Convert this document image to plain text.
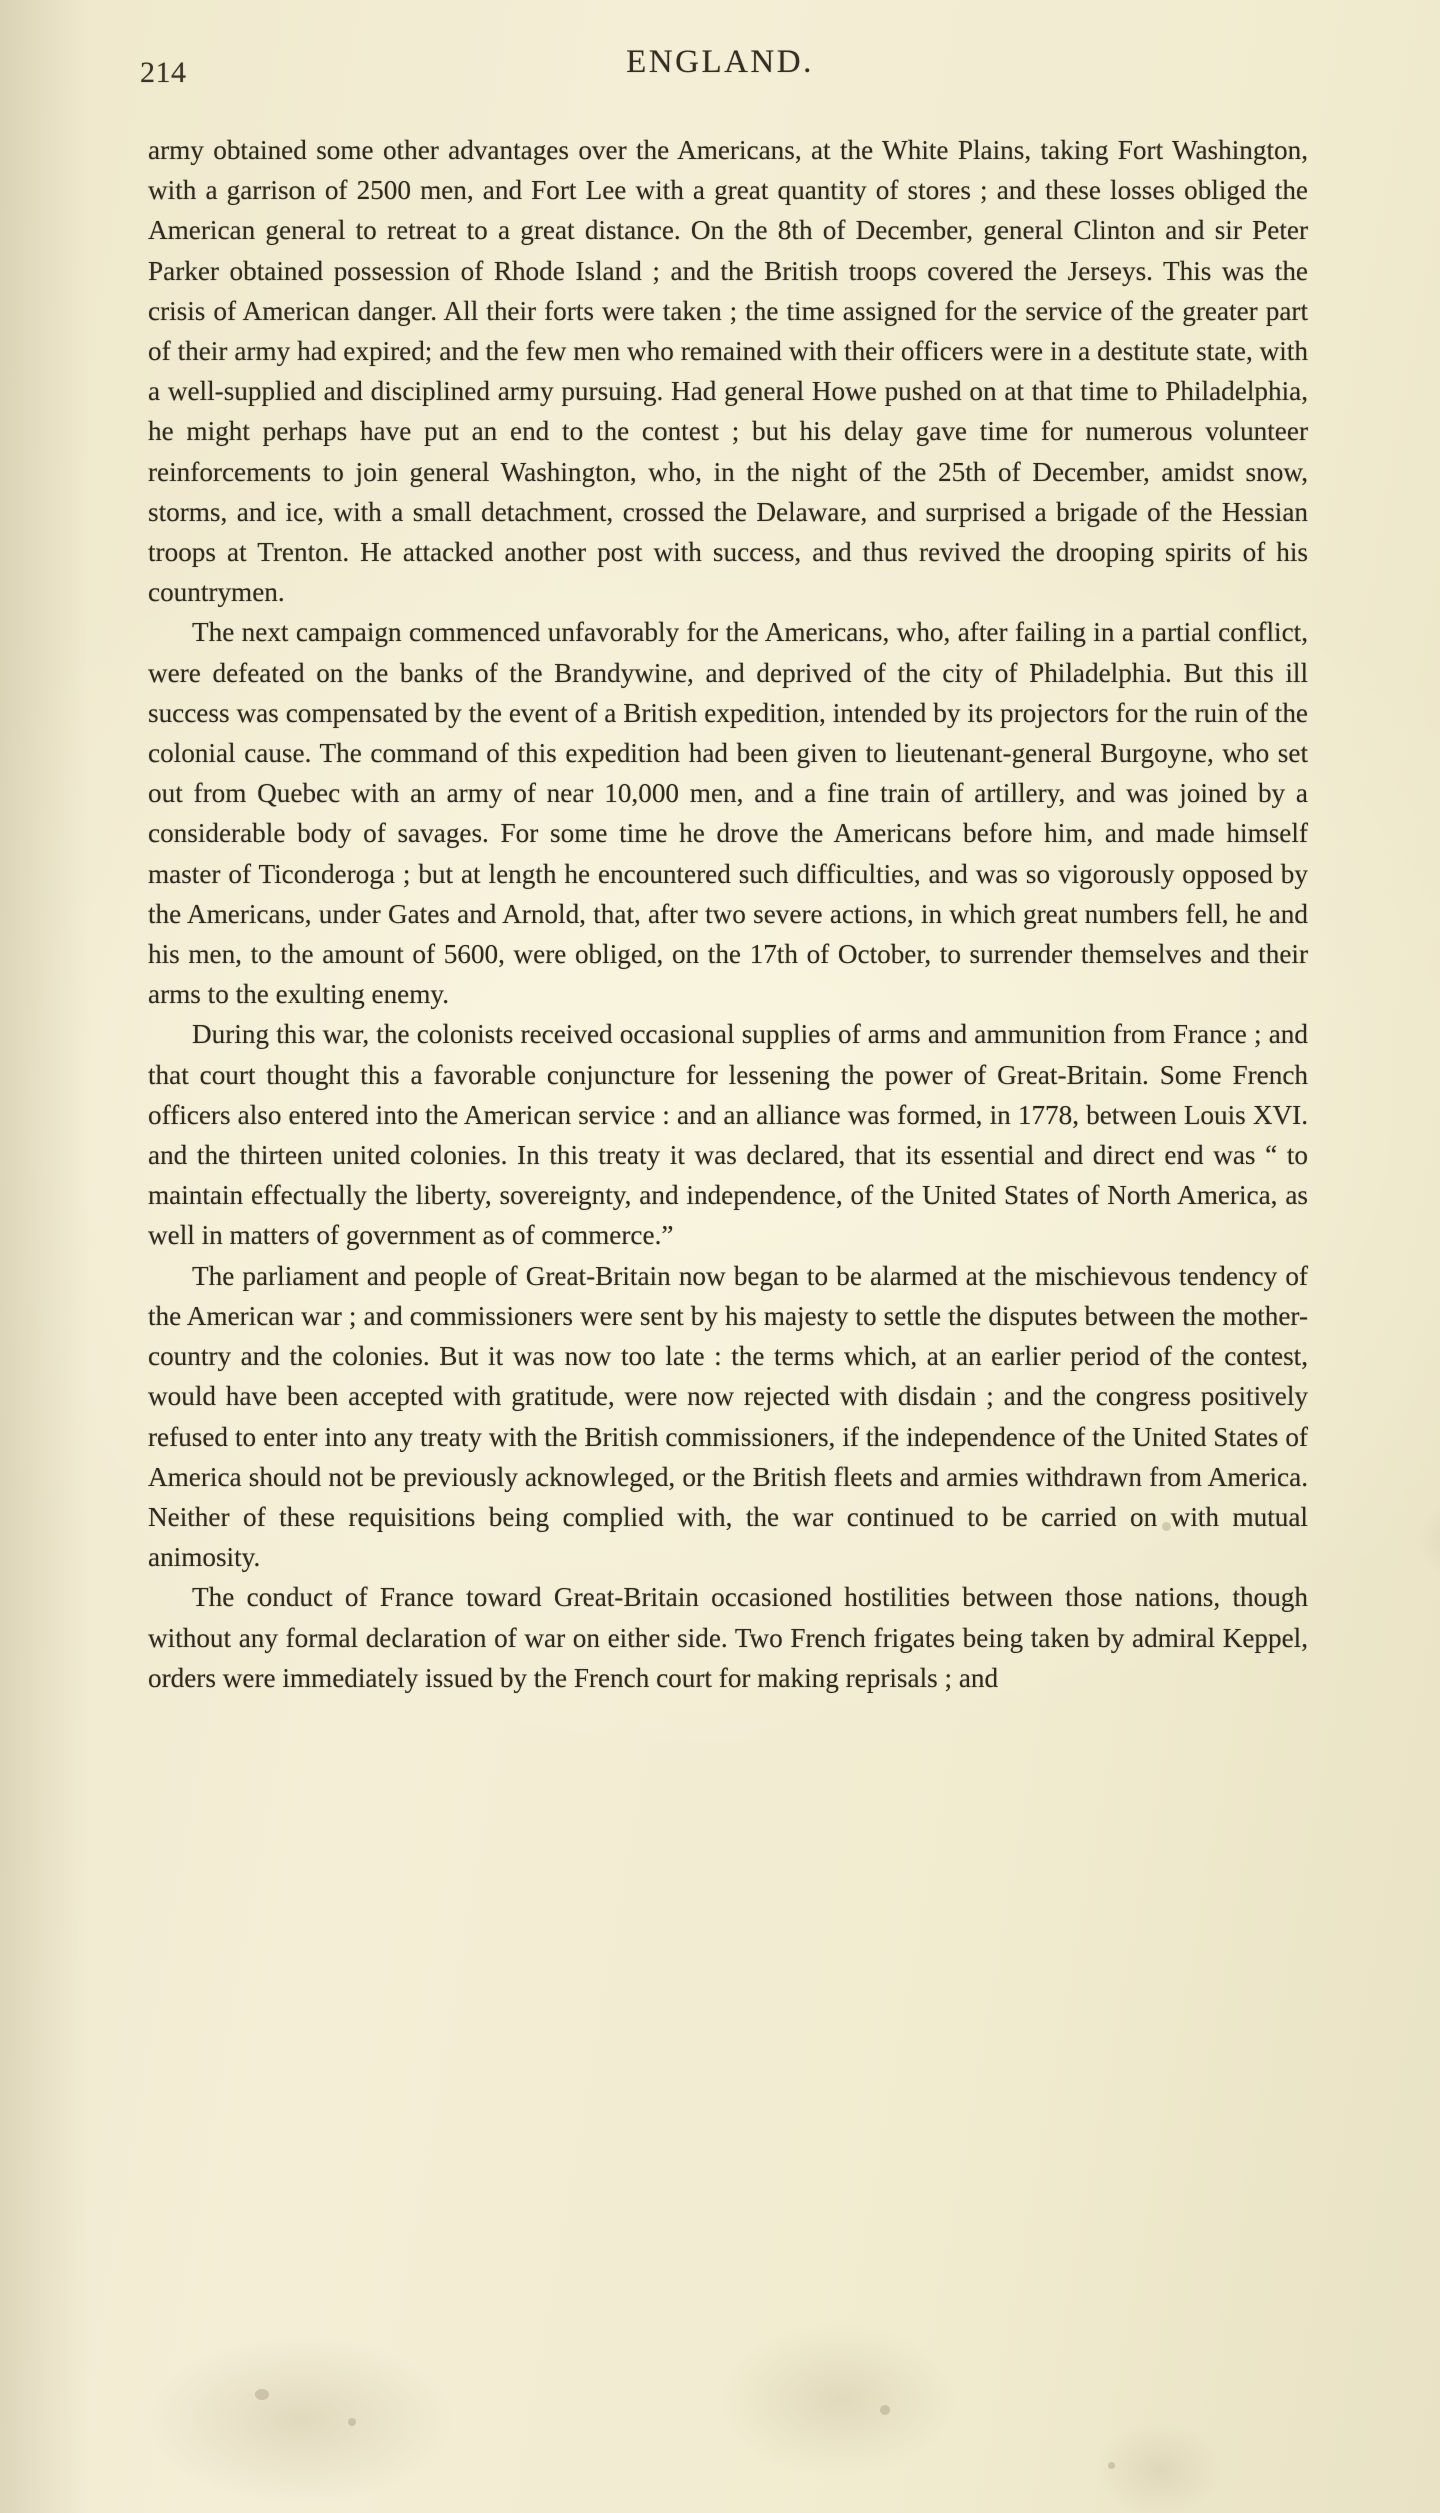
214	ENGLAND.

army obtained some other advantages over the Americans, at the White Plains, taking Fort Washington, with a garrison of 2500 men, and Fort Lee with a great quantity of stores ; and these losses obliged the American general to retreat to a great distance. On the 8th of December, general Clinton and sir Peter Parker obtained possession of Rhode Island ; and the British troops covered the Jerseys. This was the crisis of American danger. All their forts were taken ; the time assigned for the service of the greater part of their army had expired; and the few men who remained with their officers were in a destitute state, with a well-supplied and disciplined army pursuing. Had general Howe pushed on at that time to Philadelphia, he might perhaps have put an end to the contest ; but his delay gave time for numerous volunteer reinforcements to join general Washington, who, in the night of the 25th of December, amidst snow, storms, and ice, with a small detachment, crossed the Delaware, and surprised a brigade of the Hessian troops at Trenton. He attacked another post with success, and thus revived the drooping spirits of his countrymen.

The next campaign commenced unfavorably for the Americans, who, after failing in a partial conflict, were defeated on the banks of the Brandywine, and deprived of the city of Philadelphia. But this ill success was compensated by the event of a British expedition, intended by its projectors for the ruin of the colonial cause. The command of this expedition had been given to lieutenant-general Burgoyne, who set out from Quebec with an army of near 10,000 men, and a fine train of artillery, and was joined by a considerable body of savages. For some time he drove the Americans before him, and made himself master of Ticonderoga ; but at length he encountered such difficulties, and was so vigorously opposed by the Americans, under Gates and Arnold, that, after two severe actions, in which great numbers fell, he and his men, to the amount of 5600, were obliged, on the 17th of October, to surrender themselves and their arms to the exulting enemy.

During this war, the colonists received occasional supplies of arms and ammunition from France ; and that court thought this a favorable conjuncture for lessening the power of Great-Britain. Some French officers also entered into the American service : and an alliance was formed, in 1778, between Louis XVI. and the thirteen united colonies. In this treaty it was declared, that its essential and direct end was “ to maintain effectually the liberty, sovereignty, and independence, of the United States of North America, as well in matters of government as of commerce.”

The parliament and people of Great-Britain now began to be alarmed at the mischievous tendency of the American war ; and commissioners were sent by his majesty to settle the disputes between the mother-country and the colonies. But it was now too late : the terms which, at an earlier period of the contest, would have been accepted with gratitude, were now rejected with disdain ; and the congress positively refused to enter into any treaty with the British commissioners, if the independence of the United States of America should not be previously acknowleged, or the British fleets and armies withdrawn from America. Neither of these requisitions being complied with, the war continued to be carried on with mutual animosity.

The conduct of France toward Great-Britain occasioned hostilities between those nations, though without any formal declaration of war on either side. Two French frigates being taken by admiral Keppel, orders were immediately issued by the French court for making reprisals ; and
